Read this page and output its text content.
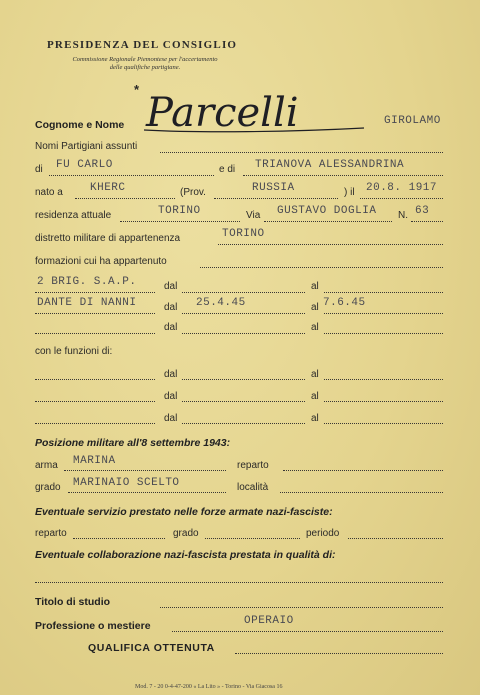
PRESIDENZA DEL CONSIGLIO
Commissione Regionale Piemontese per l'accertamento
delle qualifiche partigiane.
*
Cognome e Nome Parcelli	GIROLAMO
Nomi Partigiani assunti
di FU CARLO	e di TRIANOVA ALESSANDRINA
nato a KHERC	(Prov.	RUSSIA	) il 20.8. 1917
residenza attuale	TORINO	Via GUSTAVO DOGLIA N. 63
distretto militare di appartenenza	TORINO
formazioni cui ha appartenuto
2 BRIG. S.A.P.	dal	al
DANTE DI NANNI	dal 25.4.45	al 7.6.45
dal	al
con le funzioni di:
dal	al
dal	al
dal	al
Posizione militare all'8 settembre 1943:
arma MARINA	reparto
grado MARINAIO SCELTO	località
Eventuale servizio prestato nelle forze armate nazi-fasciste:
reparto	grado	periodo
Eventuale collaborazione nazi-fascista prestata in qualità di:
Titolo di studio
Professione o mestiere	OPERAIO
QUALIFICA OTTENUTA
Mod. 7 - 20 0-4-47-200 « La Lito » - Torino - Via Giacosa 16
